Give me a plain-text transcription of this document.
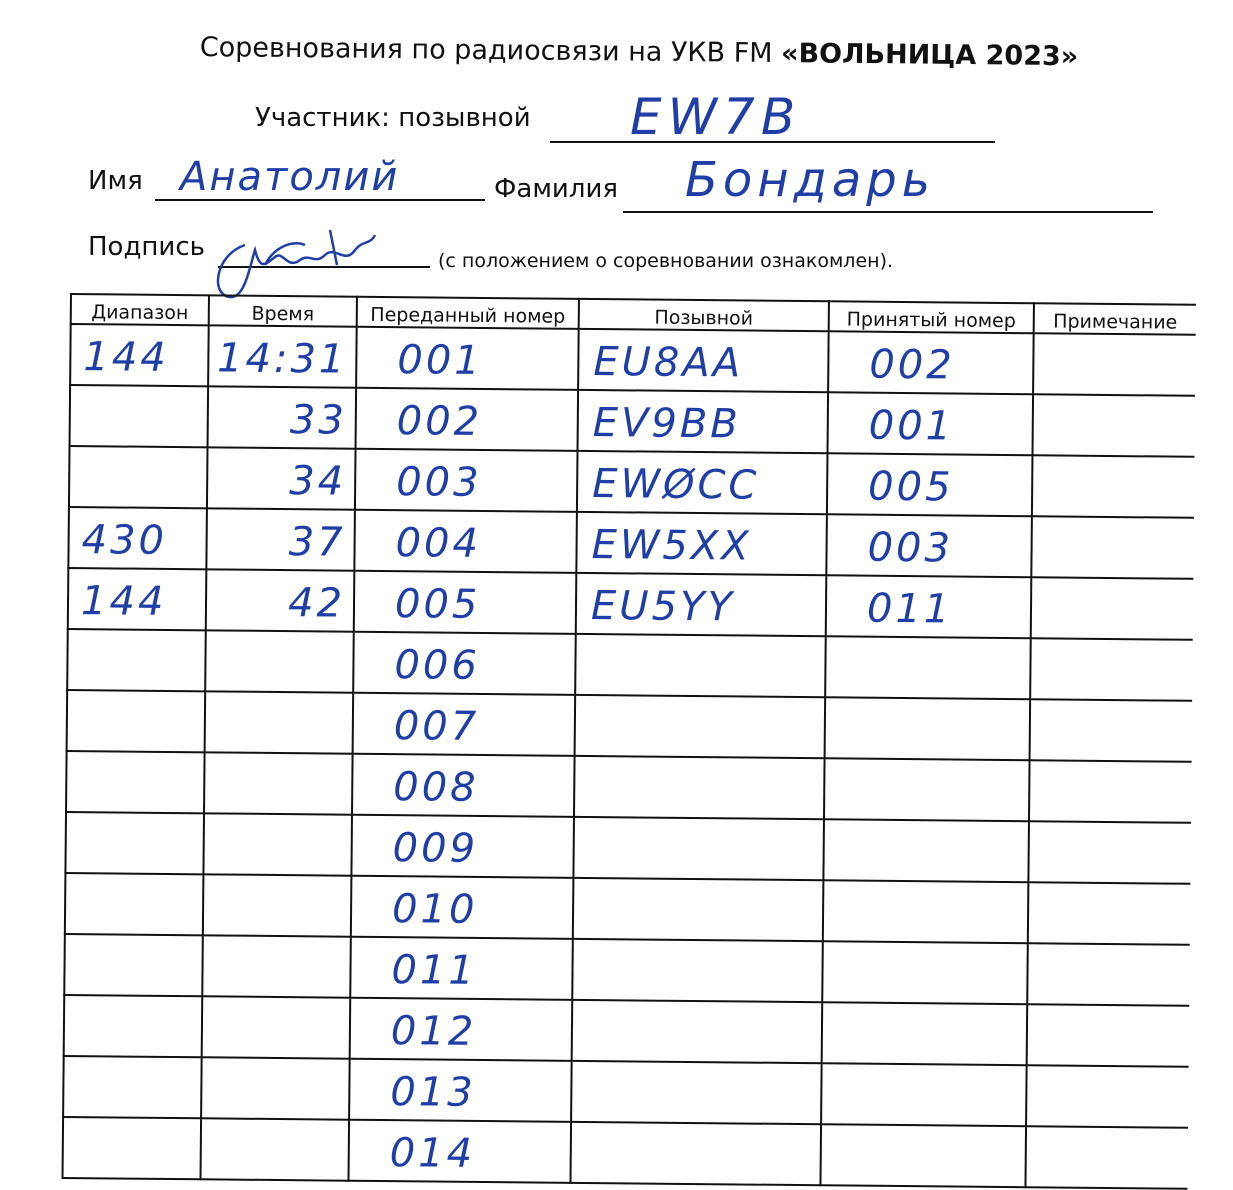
Соревнования по радиосвязи на УКВ FM «ВОЛЬНИЦА 2023»
Участник: позывной EW7B
Имя Анатолий	Фамилия Бондарь
Подпись	(с положением о соревновании ознакомлен).
Диапазон	Время	Переданный номер	Позывной	Принятый номер	Примечание

144	14:31	001	EU8AA	002	

	33	002	EV9BB	001	

	34	003	EWØCC	005	

430	37	004	EW5XX	003	

144	42	005	EU5YY	011	

		006			

		007			

		008			

		009			

		010			

		011			

		012			

		013			

		014			
